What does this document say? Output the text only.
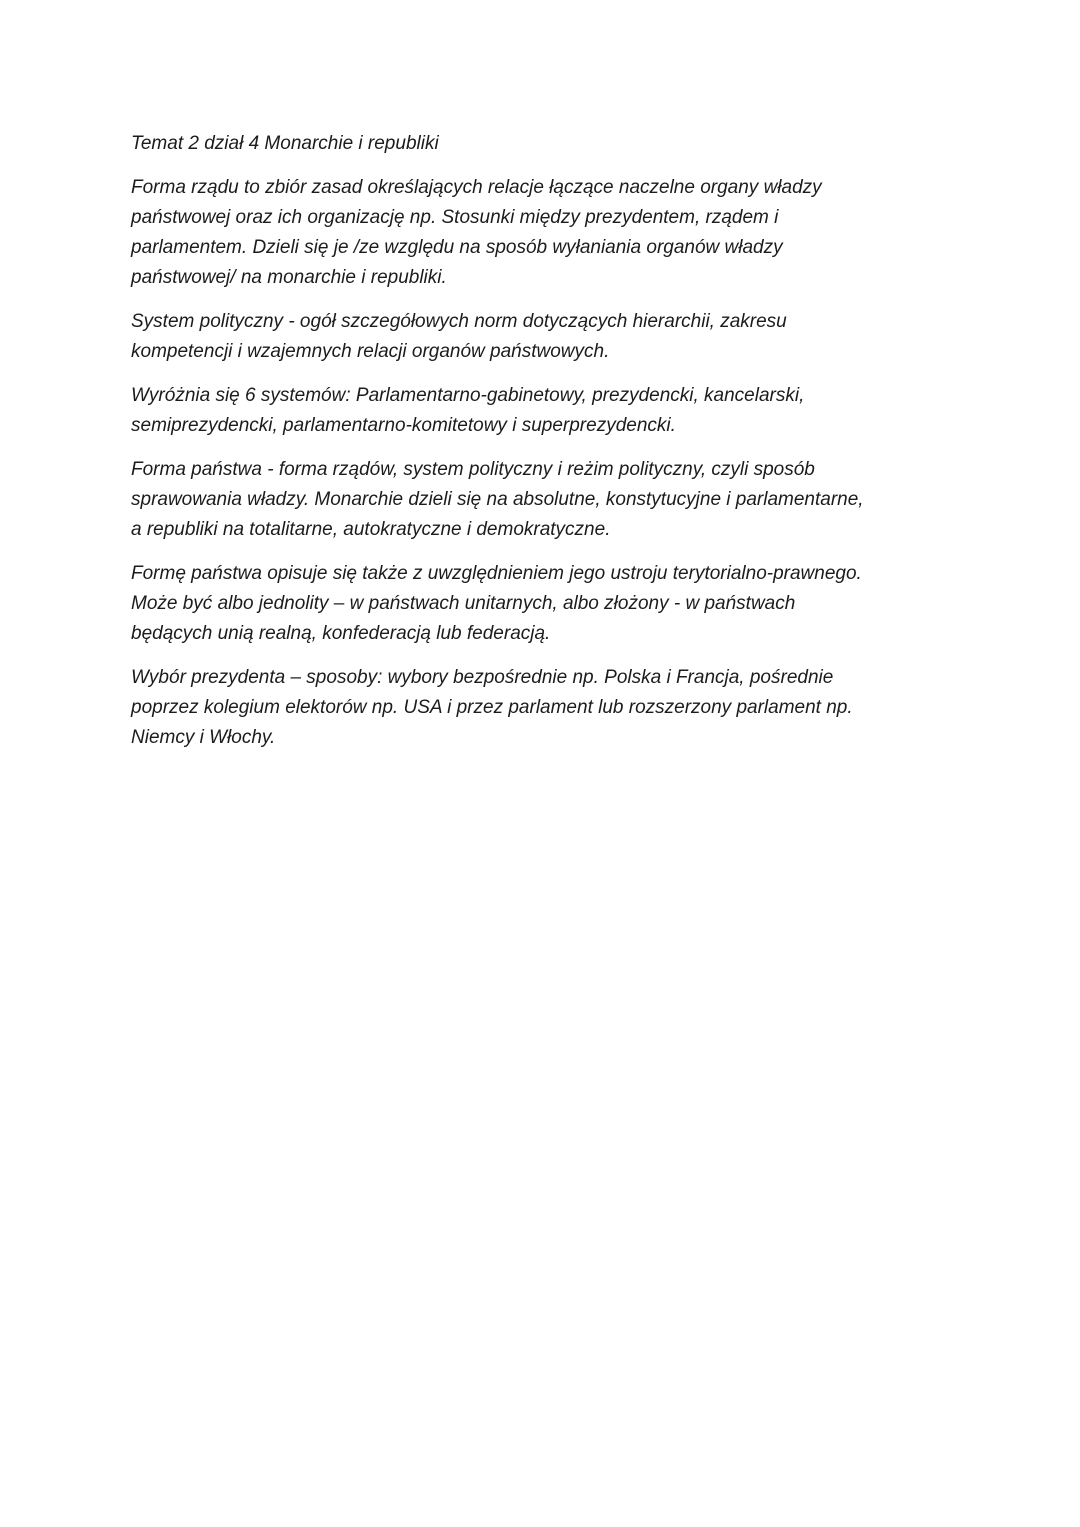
Temat 2 dział 4 Monarchie i republiki
Forma rządu to zbiór zasad określających relacje łączące naczelne organy władzy
państwowej oraz ich organizację np. Stosunki między prezydentem, rządem i
parlamentem. Dzieli się je /ze względu na sposób wyłaniania organów władzy
państwowej/ na monarchie i republiki.
System polityczny - ogół szczegółowych norm dotyczących hierarchii, zakresu
kompetencji i wzajemnych relacji organów państwowych.
Wyróżnia się 6 systemów: Parlamentarno-gabinetowy, prezydencki, kancelarski,
semiprezydencki, parlamentarno-komitetowy i superprezydencki.
Forma państwa - forma rządów, system polityczny i reżim polityczny, czyli sposób
sprawowania władzy. Monarchie dzieli się na absolutne, konstytucyjne i parlamentarne,
a republiki na totalitarne, autokratyczne i demokratyczne.
Formę państwa opisuje się także z uwzględnieniem jego ustroju terytorialno-prawnego.
Może być albo jednolity – w państwach unitarnych, albo złożony - w państwach
będących unią realną, konfederacją lub federacją.
Wybór prezydenta – sposoby: wybory bezpośrednie np. Polska i Francja, pośrednie
poprzez kolegium elektorów np. USA i przez parlament lub rozszerzony parlament np.
Niemcy i Włochy.
